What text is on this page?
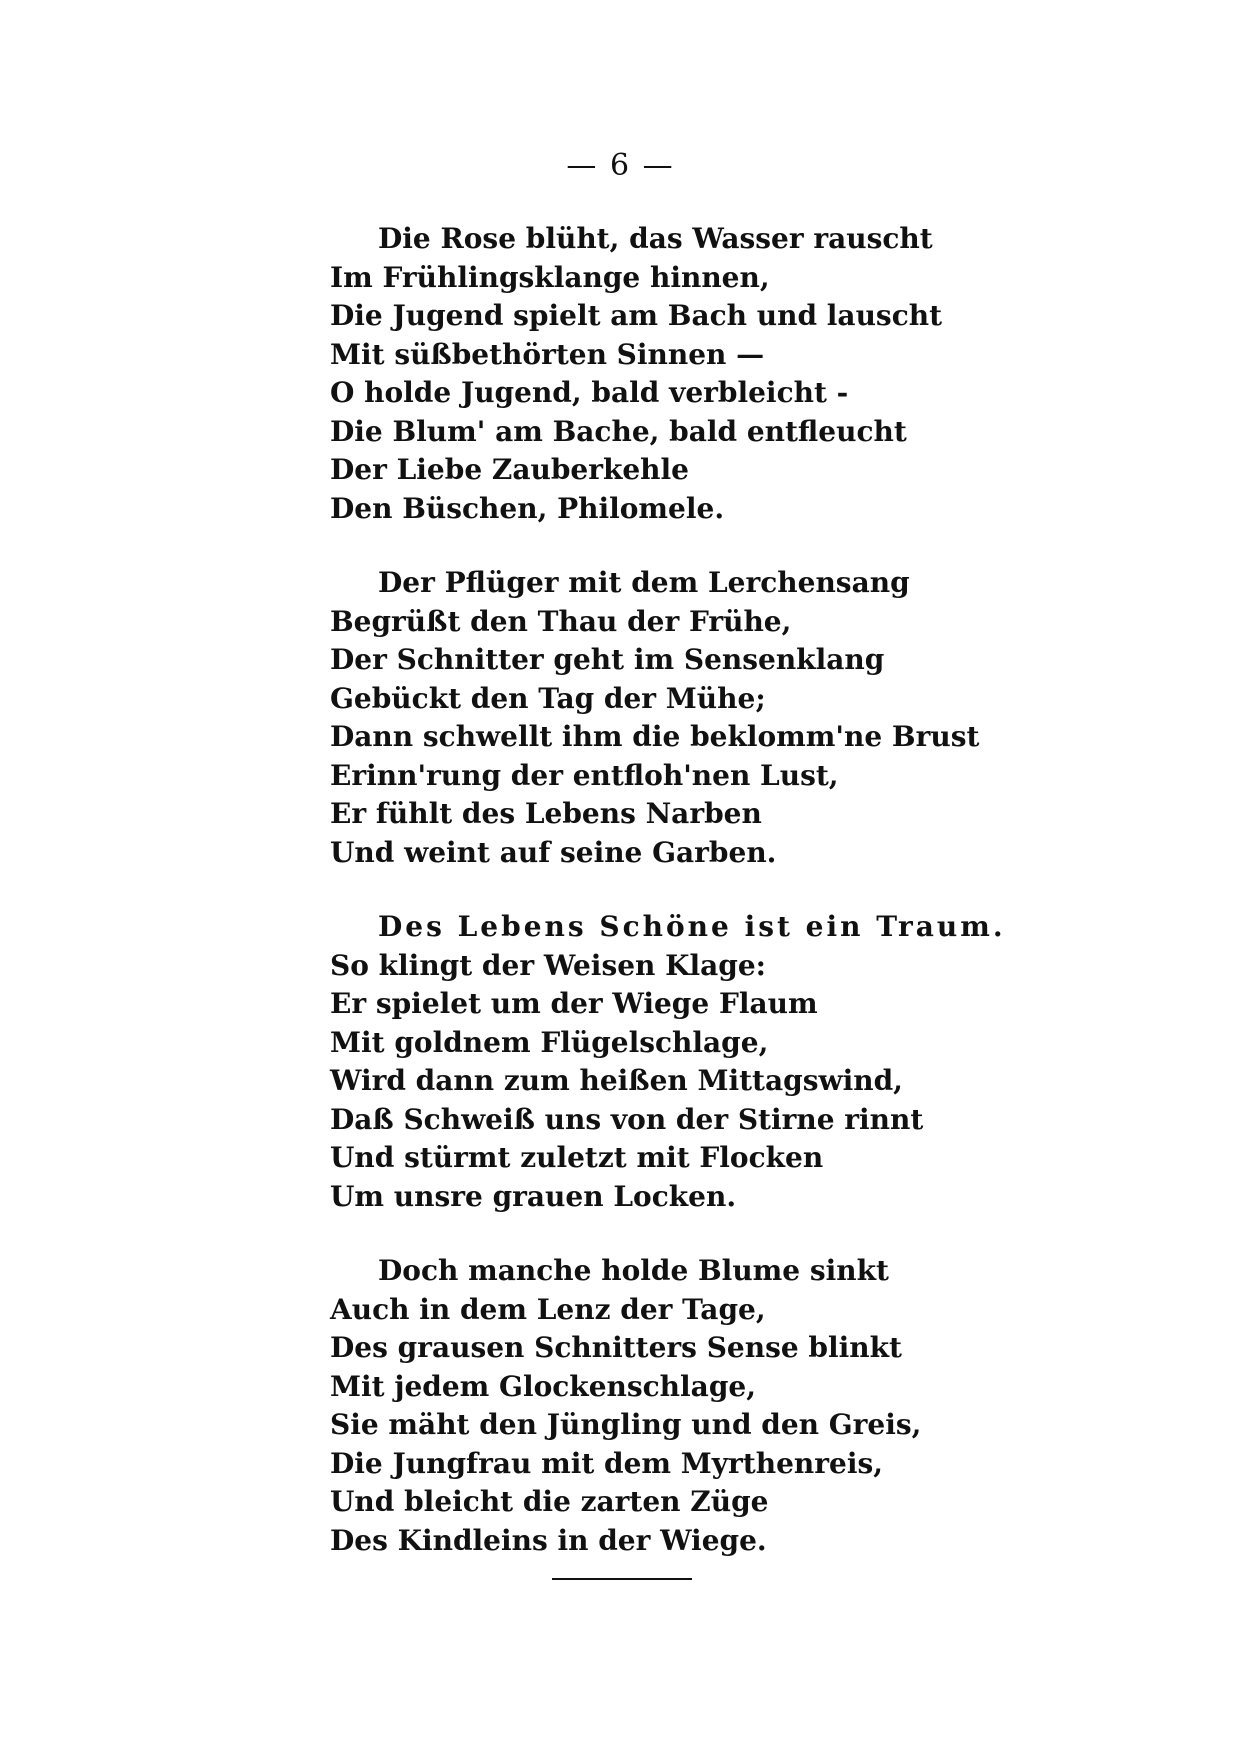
— 6 —
Die Rose blüht, das Wasser rauscht
Im Frühlingsklange hinnen,
Die Jugend spielt am Bach und lauscht
Mit süßbethörten Sinnen —
O holde Jugend, bald verbleicht -
Die Blum' am Bache, bald entfleucht
Der Liebe Zauberkehle
Den Büschen, Philomele.
Der Pflüger mit dem Lerchensang
Begrüßt den Thau der Frühe,
Der Schnitter geht im Sensenklang
Gebückt den Tag der Mühe;
Dann schwellt ihm die beklomm'ne Brust
Erinn'rung der entfloh'nen Lust,
Er fühlt des Lebens Narben
Und weint auf seine Garben.
Des Lebens Schöne ist ein Traum.
So klingt der Weisen Klage:
Er spielet um der Wiege Flaum
Mit goldnem Flügelschlage,
Wird dann zum heißen Mittagswind,
Daß Schweiß uns von der Stirne rinnt
Und stürmt zuletzt mit Flocken
Um unsre grauen Locken.
Doch manche holde Blume sinkt
Auch in dem Lenz der Tage,
Des grausen Schnitters Sense blinkt
Mit jedem Glockenschlage,
Sie mäht den Jüngling und den Greis,
Die Jungfrau mit dem Myrthenreis,
Und bleicht die zarten Züge
Des Kindleins in der Wiege.
